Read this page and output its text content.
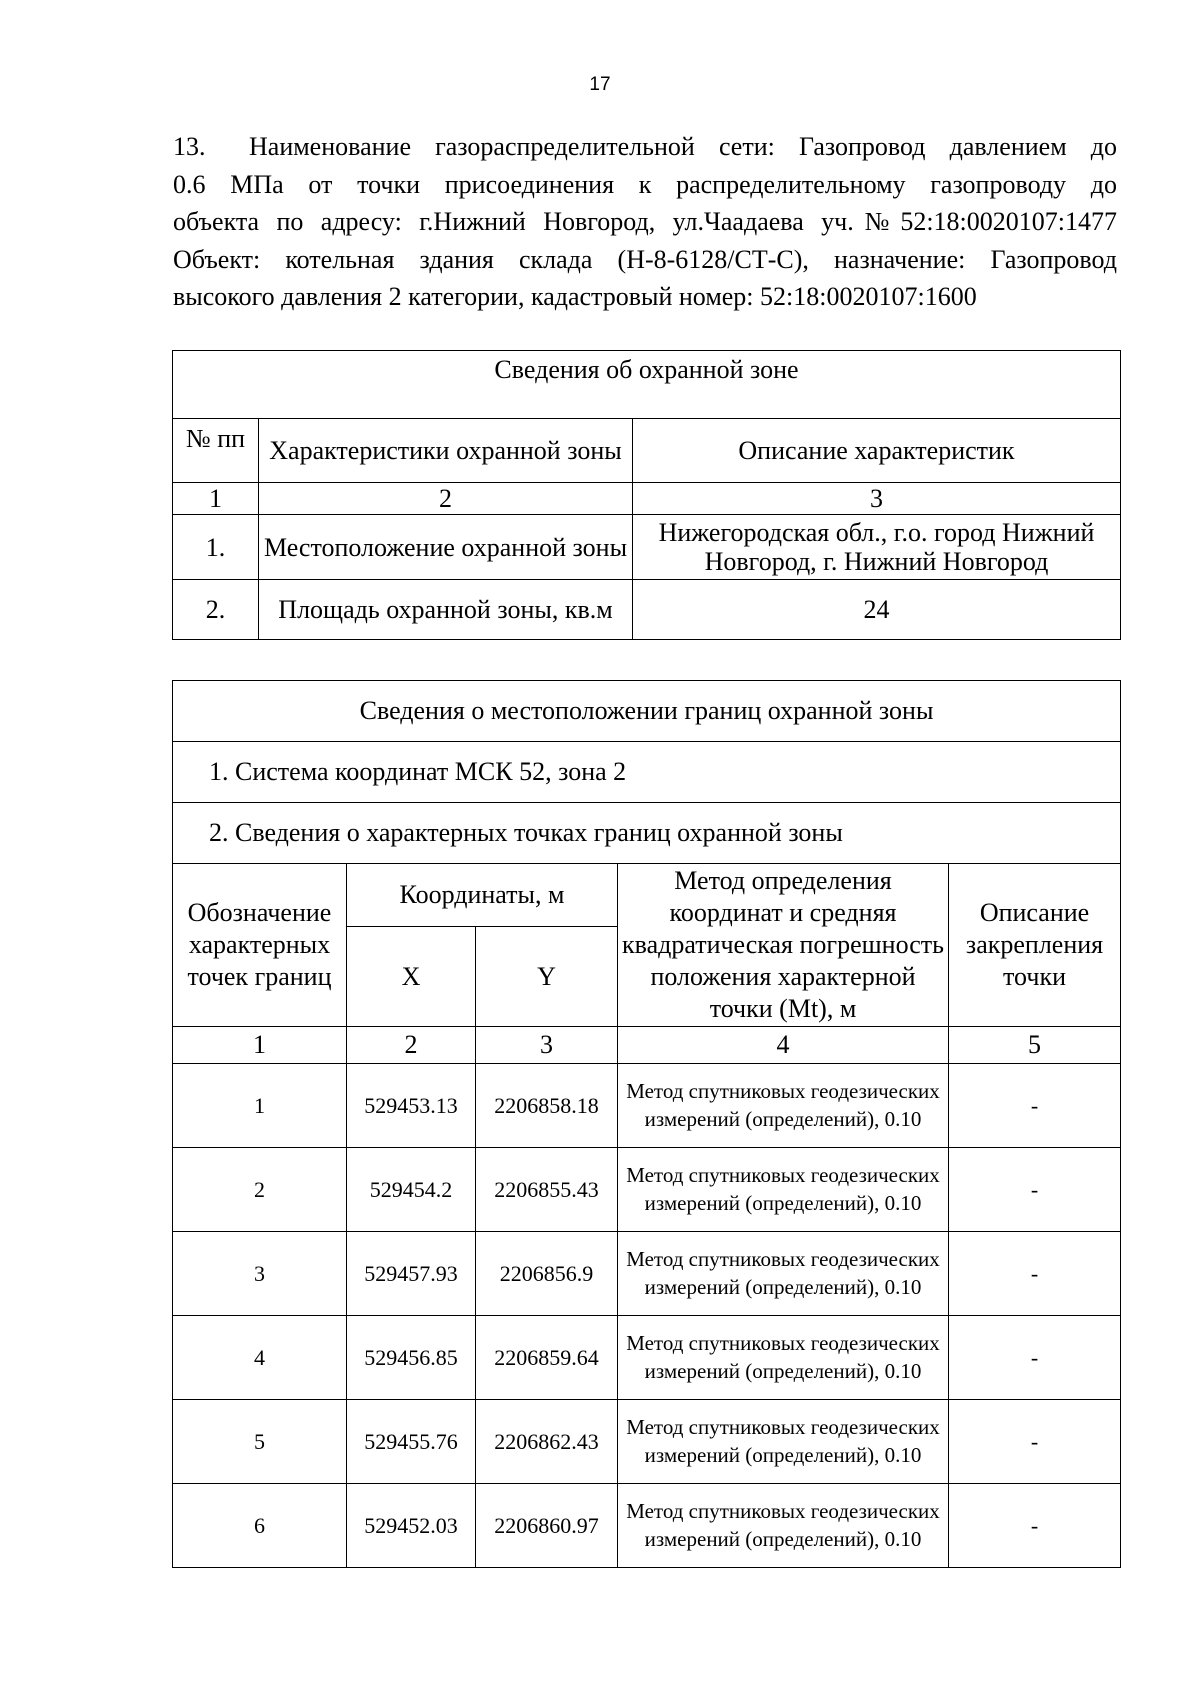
17

13. Наименование газораспределительной сети: Газопровод давлением до

0.6 МПа от точки присоединения к распределительному газопроводу до

объекта по адресу: г.Нижний Новгород, ул.Чаадаева уч.№52:18:0020107:1477

Объект: котельная здания склада (Н-8-6128/СТ-С), назначение: Газопровод

высокого давления 2 категории, кадастровый номер: 52:18:0020107:1600

Сведения об охранной зоне		
№ пп	Характеристики охранной зоны	Описание характеристик
1	2	3
1.	Местоположение охранной зоны	Нижегородская обл., г.о. город Нижний Новгород, г. Нижний Новгород
2.	Площадь охранной зоны, кв.м	24
Сведения о местоположении границ охранной зоны				
1. Система координат МСК 52, зона 2				
2. Сведения о характерных точках границ охранной зоны				
Обозначение характерных точек границ	Координаты, м		Метод определения координат и средняя квадратическая погрешность положения характерной точки (Mt), м	Описание закрепления точки
	X	Y		
1	2	3	4	5
1	529453.13	2206858.18	Метод спутниковых геодезических измерений (определений), 0.10	-
2	529454.2	2206855.43	Метод спутниковых геодезических измерений (определений), 0.10	-
3	529457.93	2206856.9	Метод спутниковых геодезических измерений (определений), 0.10	-
4	529456.85	2206859.64	Метод спутниковых геодезических измерений (определений), 0.10	-
5	529455.76	2206862.43	Метод спутниковых геодезических измерений (определений), 0.10	-
6	529452.03	2206860.97	Метод спутниковых геодезических измерений (определений), 0.10	-
